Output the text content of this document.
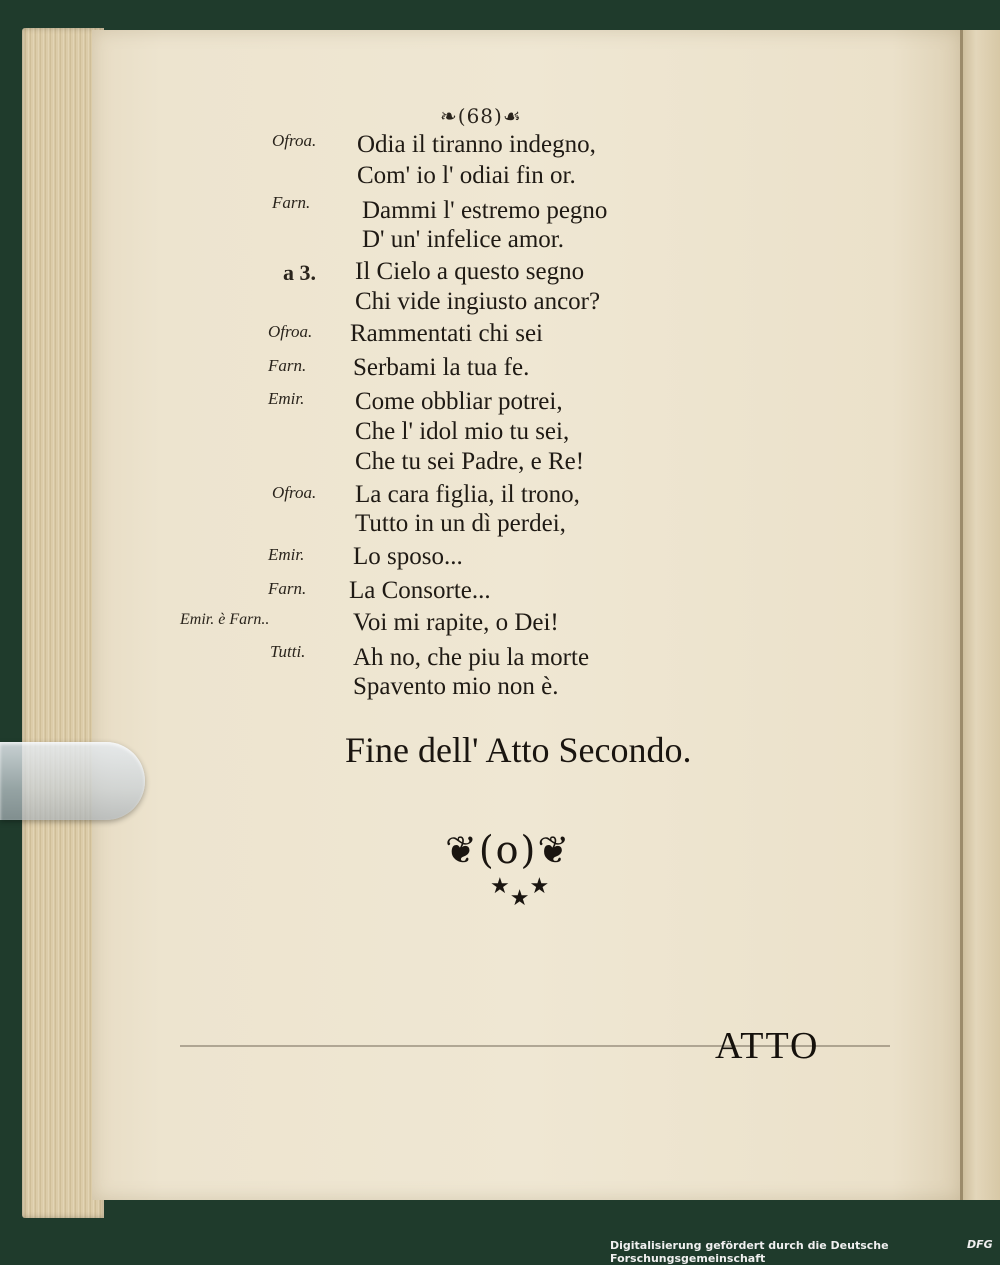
❧(68)☙
Ofroa. Odia il tiranno indegno,
Com' io l' odiai fin or.
Farn. Dammi l' estremo pegno
D' un' infelice amor.
a 3. Il Cielo a questo segno
Chi vide ingiusto ancor?
Ofroa. Rammentati chi sei
Farn. Serbami la tua fe.
Emir. Come obbliar potrei,
Che l' idol mio tu sei,
Che tu sei Padre, e Re!
Ofroa. La cara figlia, il trono,
Tutto in un dì perdei,
Emir. Lo sposo...
Farn. La Consorte...
Emir. è Farn..	Voi mi rapite, o Dei!
Tutti. Ah no, che piu la morte
Spavento mio non è.
Fine dell' Atto Secondo.
❦(o)❦
★★★
ATTO
Digitalisierung gefördert durch die Deutsche Forschungsgemeinschaft
DFG
